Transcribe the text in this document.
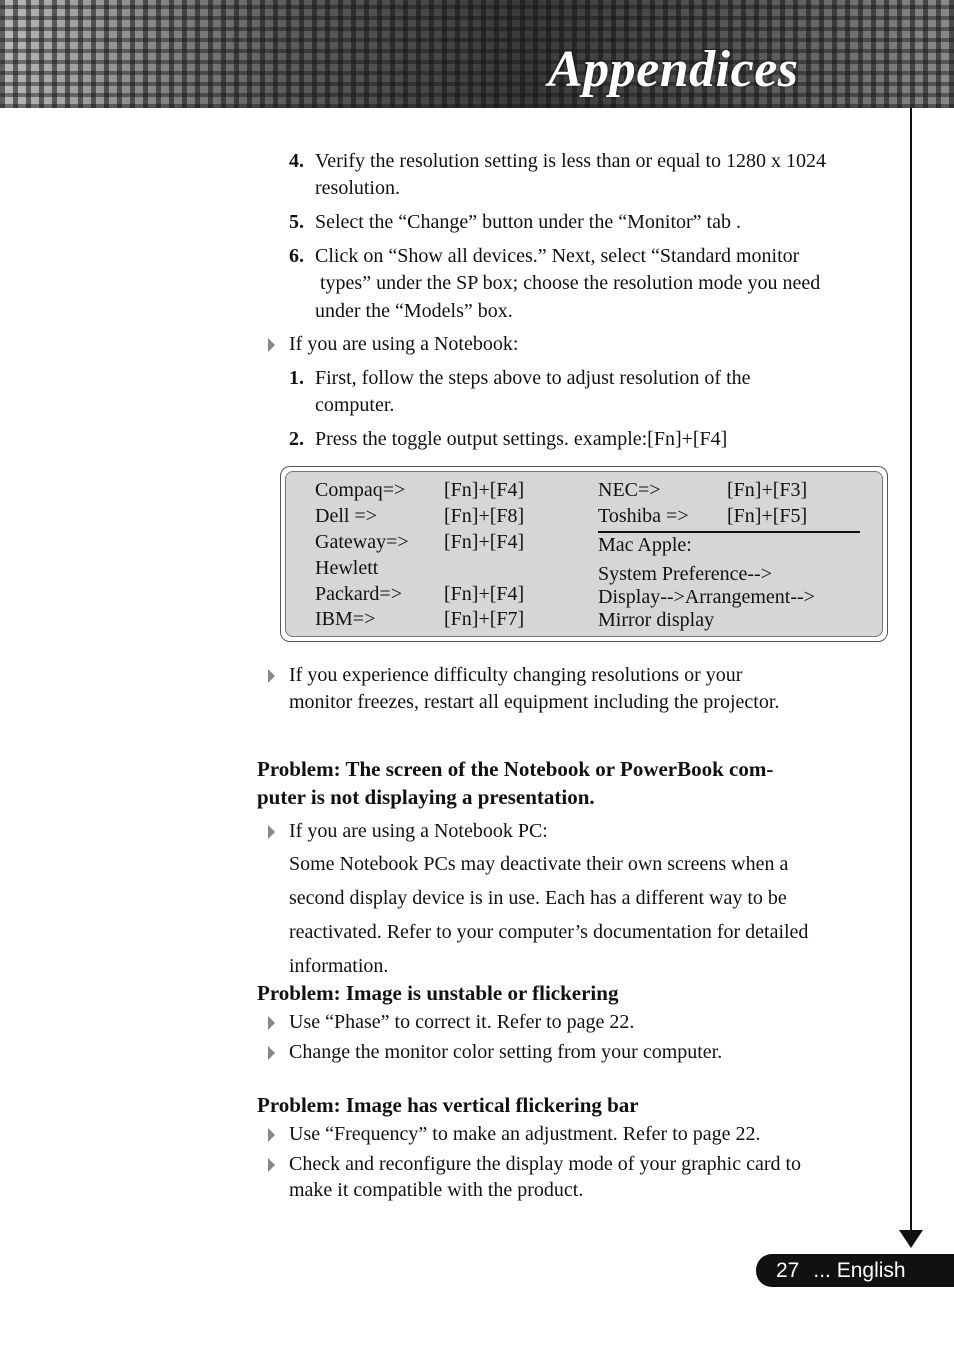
Appendices
4. Verify the resolution setting is less than or equal to 1280 x 1024
resolution.
5. Select the “Change” button under the “Monitor” tab .
6. Click on “Show all devices.” Next, select “Standard monitor
types” under the SP box; choose the resolution mode you need
under the “Models” box.
If you are using a Notebook:
1. First, follow the steps above to adjust resolution of the
computer.
2. Press the toggle output settings. example:[Fn]+[F4]
Compaq=> [Fn]+[F4]
Dell =>	[Fn]+[F8]
Gateway=> [Fn]+[F4]
Hewlett
Packard=> [Fn]+[F4]
IBM=>	[Fn]+[F7]
NEC=>	[Fn]+[F3]
Toshiba => [Fn]+[F5]
Mac Apple:
System Preference-->
Display-->Arrangement-->
Mirror display
If you experience difficulty changing resolutions or your
monitor freezes, restart all equipment including the projector.
Problem: The screen of the Notebook or PowerBook com-
puter is not displaying a presentation.
If you are using a Notebook PC:
Some Notebook PCs may deactivate their own screens when a
second display device is in use. Each has a different way to be
reactivated. Refer to your computer’s documentation for detailed
information.
Problem: Image is unstable or flickering
Use “Phase” to correct it. Refer to page 22.
Change the monitor color setting from your computer.
Problem: Image has vertical flickering bar
Use “Frequency” to make an adjustment. Refer to page 22.
Check and reconfigure the display mode of your graphic card to
make it compatible with the product.
27 ... English
